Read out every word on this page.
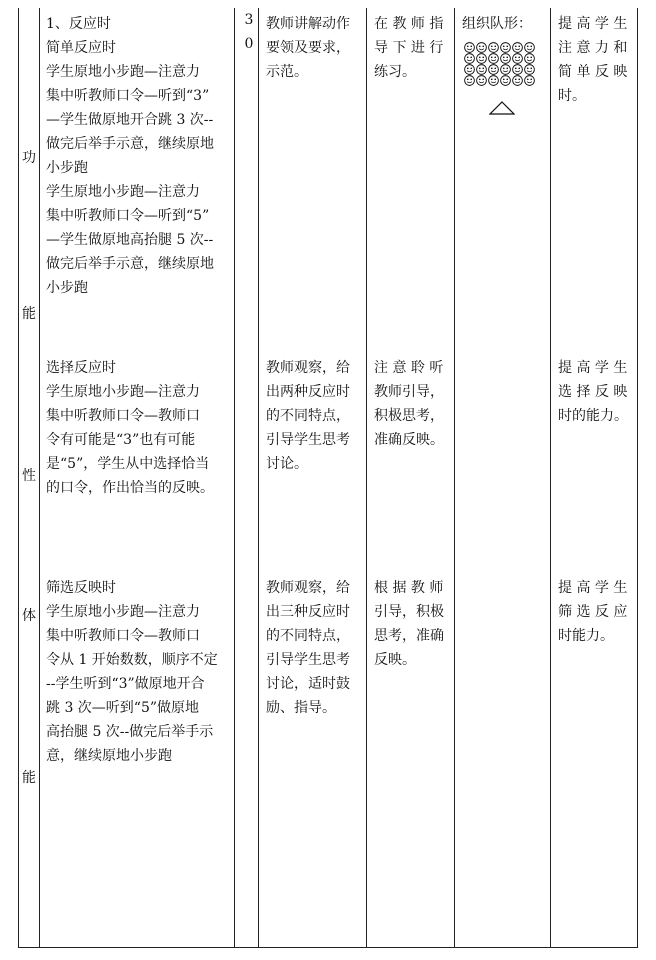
功
能
性
体
能
3
0
1、反应时
简单反应时
学生原地小步跑—注意力
集中听教师口令—听到“3”
—学生做原地开合跳 3 次--
做完后举手示意，继续原地
小步跑
学生原地小步跑—注意力
集中听教师口令—听到“5”
—学生做原地高抬腿 5 次--
做完后举手示意，继续原地
小步跑
教师讲解动作
要领及要求，
示范。
在 教 师 指
导 下 进 行
练习。
组织队形： 提 高 学 生
注 意 力 和
简 单 反 映
时。
选择反应时
学生原地小步跑—注意力
集中听教师口令—教师口
令有可能是“3”也有可能
是“5”，学生从中选择恰当
的口令，作出恰当的反映。
教师观察，给
出两种反应时
的不同特点，
引导学生思考
讨论。
注 意 聆 听
教师引导，
积极思考，
准确反映。
提 高 学 生
选 择 反 映
时的能力。
筛选反映时
学生原地小步跑—注意力
集中听教师口令—教师口
令从 1 开始数数，顺序不定
--学生听到“3”做原地开合
跳 3 次—听到“5”做原地
高抬腿 5 次--做完后举手示
意，继续原地小步跑
教师观察，给
出三种反应时
的不同特点，
引导学生思考
讨论，适时鼓
励、指导。
根 据 教 师
引导，积极
思考，准确
反映。
提 高 学 生
筛 选 反 应
时能力。
